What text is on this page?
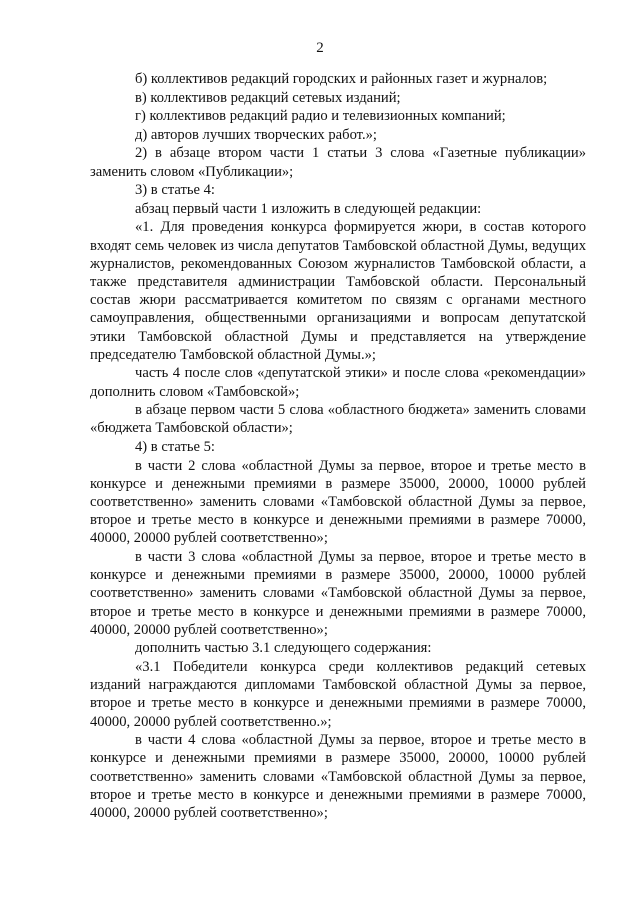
2

б) коллективов редакций городских и районных газет и журналов;

в) коллективов редакций сетевых изданий;

г) коллективов редакций радио и телевизионных компаний;

д) авторов лучших творческих работ.»;

2) в абзаце втором части 1 статьи 3 слова «Газетные публикации» заменить словом «Публикации»;

3) в статье 4:

абзац первый части 1 изложить в следующей редакции:

«1. Для проведения конкурса формируется жюри, в состав которого входят семь человек из числа депутатов Тамбовской областной Думы, ведущих журналистов, рекомендованных Союзом журналистов Тамбовской области, а также представителя администрации Тамбовской области. Персональный состав жюри рассматривается комитетом по связям с органами местного самоуправления, общественными организациями и вопросам депутатской этики Тамбовской областной Думы и представляется на утверждение председателю Тамбовской областной Думы.»;

часть 4 после слов «депутатской этики» и после слова «рекомендации» дополнить словом «Тамбовской»;

в абзаце первом части 5 слова «областного бюджета» заменить словами «бюджета Тамбовской области»;

4) в статье 5:

в части 2 слова «областной Думы за первое, второе и третье место в конкурсе и денежными премиями в размере 35000, 20000, 10000 рублей соответственно» заменить словами «Тамбовской областной Думы за первое, второе и третье место в конкурсе и денежными премиями в размере 70000, 40000, 20000 рублей соответственно»;

в части 3 слова «областной Думы за первое, второе и третье место в конкурсе и денежными премиями в размере 35000, 20000, 10000 рублей соответственно» заменить словами «Тамбовской областной Думы за первое, второе и третье место в конкурсе и денежными премиями в размере 70000, 40000, 20000 рублей соответственно»;

дополнить частью 3.1 следующего содержания:

«3.1 Победители конкурса среди коллективов редакций сетевых изданий награждаются дипломами Тамбовской областной Думы за первое, второе и третье место в конкурсе и денежными премиями в размере 70000, 40000, 20000 рублей соответственно.»;

в части 4 слова «областной Думы за первое, второе и третье место в конкурсе и денежными премиями в размере 35000, 20000, 10000 рублей соответственно» заменить словами «Тамбовской областной Думы за первое, второе и третье место в конкурсе и денежными премиями в размере 70000, 40000, 20000 рублей соответственно»;
